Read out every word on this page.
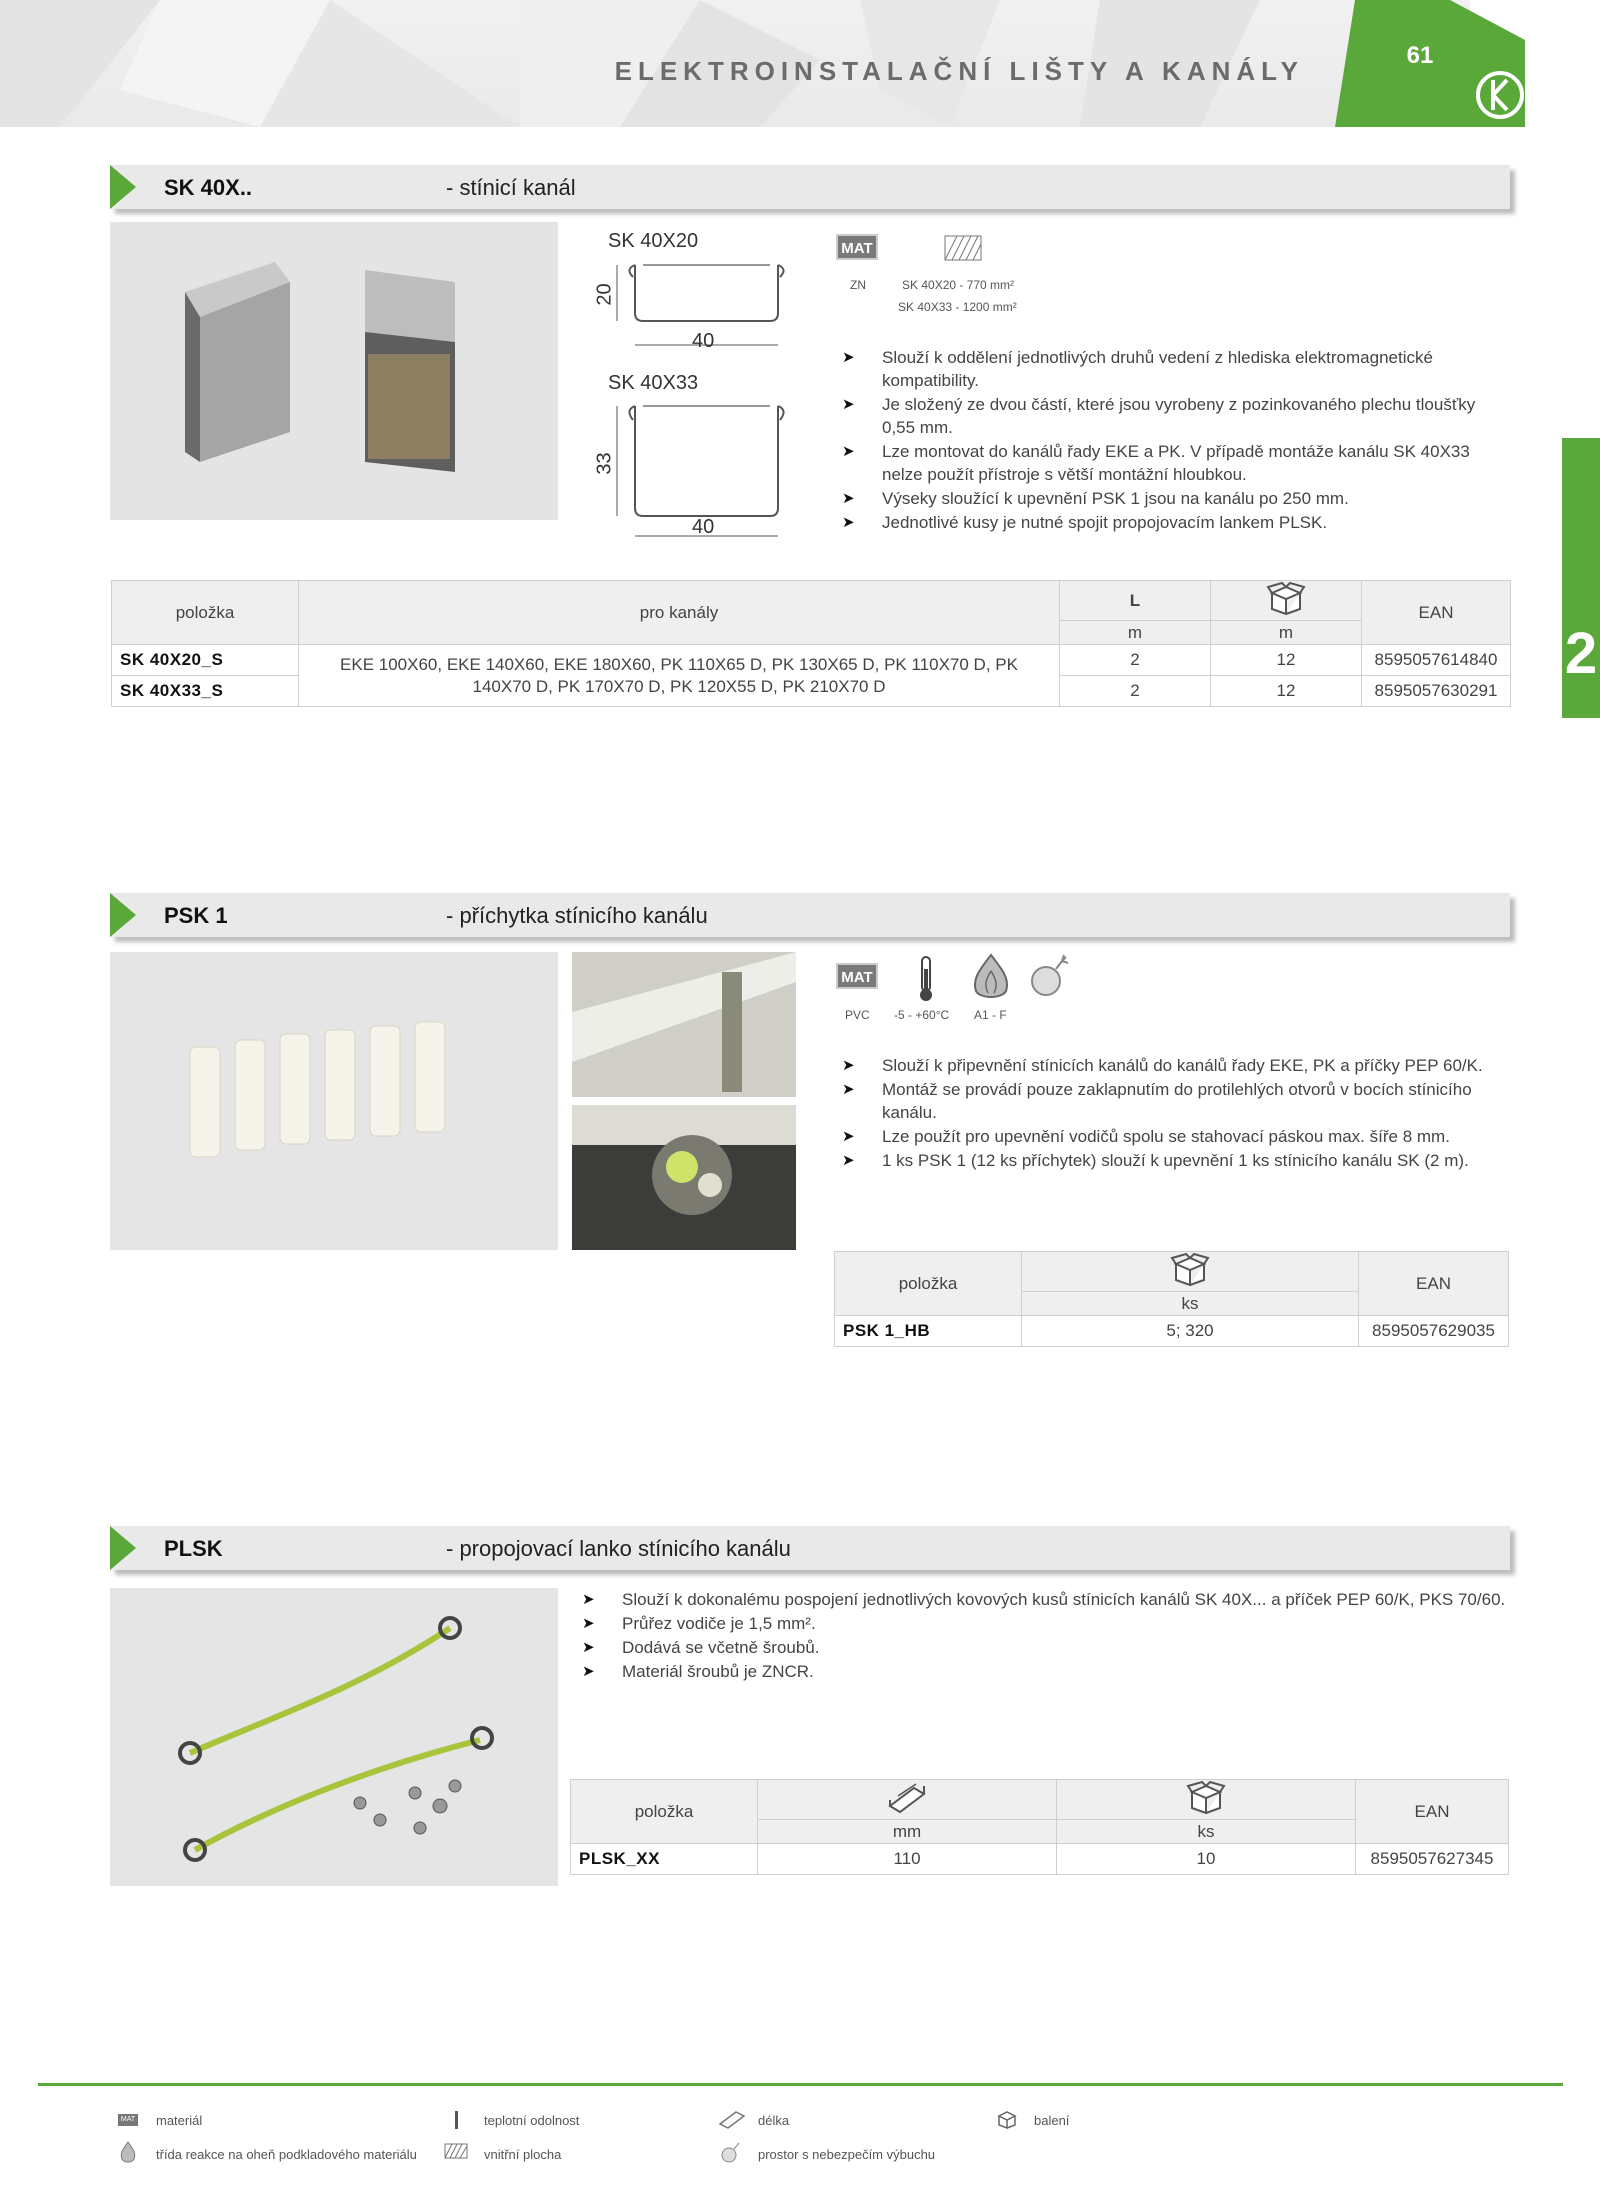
ELEKTROINSTALAČNÍ LIŠTY A KANÁLY
61
2
SK 40X..	- stínicí kanál
SK 40X20
20
40
SK 40X33
33
40
MAT
ZN	SK 40X20 - 770 mm²
SK 40X33 - 1200 mm²
➤ Slouží k oddělení jednotlivých druhů vedení z hlediska elektromagnetické kompatibility.
➤ Je složený ze dvou částí, které jsou vyrobeny z pozinkovaného plechu tloušťky 0,55 mm.
➤ Lze montovat do kanálů řady EKE a PK. V případě montáže kanálu SK 40X33 nelze použít přístroje s větší montážní hloubkou.
➤ Výseky sloužící k upevnění PSK 1 jsou na kanálu po 250 mm.
➤ Jednotlivé kusy je nutné spojit propojovacím lankem PLSK.
položka	pro kanály	L		EAN
		m	m	
SK 40X20_S	EKE 100X60, EKE 140X60, EKE 180X60, PK 110X65 D, PK 130X65 D, PK 110X70 D, PK 140X70 D, PK 170X70 D, PK 120X55 D, PK 210X70 D	2	12	8595057614840
SK 40X33_S		2	12	8595057630291
PSK 1	- příchytka stínicího kanálu
MAT
PVC -5 - +60°C A1 - F
➤ Slouží k připevnění stínicích kanálů do kanálů řady EKE, PK a příčky PEP 60/K.
➤ Montáž se provádí pouze zaklapnutím do protilehlých otvorů v bocích stínicího kanálu.
➤ Lze použít pro upevnění vodičů spolu se stahovací páskou max. šíře 8 mm.
➤ 1 ks PSK 1 (12 ks příchytek) slouží k upevnění 1 ks stínicího kanálu SK (2 m).
položka		EAN
	ks	
PSK 1_HB	5; 320	8595057629035
PLSK	- propojovací lanko stínicího kanálu
➤ Slouží k dokonalému pospojení jednotlivých kovových kusů stínicích kanálů SK 40X... a příček PEP 60/K, PKS 70/60.
➤ Průřez vodiče je 1,5 mm².
➤ Dodává se včetně šroubů.
➤ Materiál šroubů je ZNCR.
položka			EAN
	mm	ks	
PLSK_XX	110	10	8595057627345
MAT materiál	teplotní odolnost	délka	balení
třída reakce na oheň podkladového materiálu	vnitřní plocha	prostor s nebezpečím výbuchu
